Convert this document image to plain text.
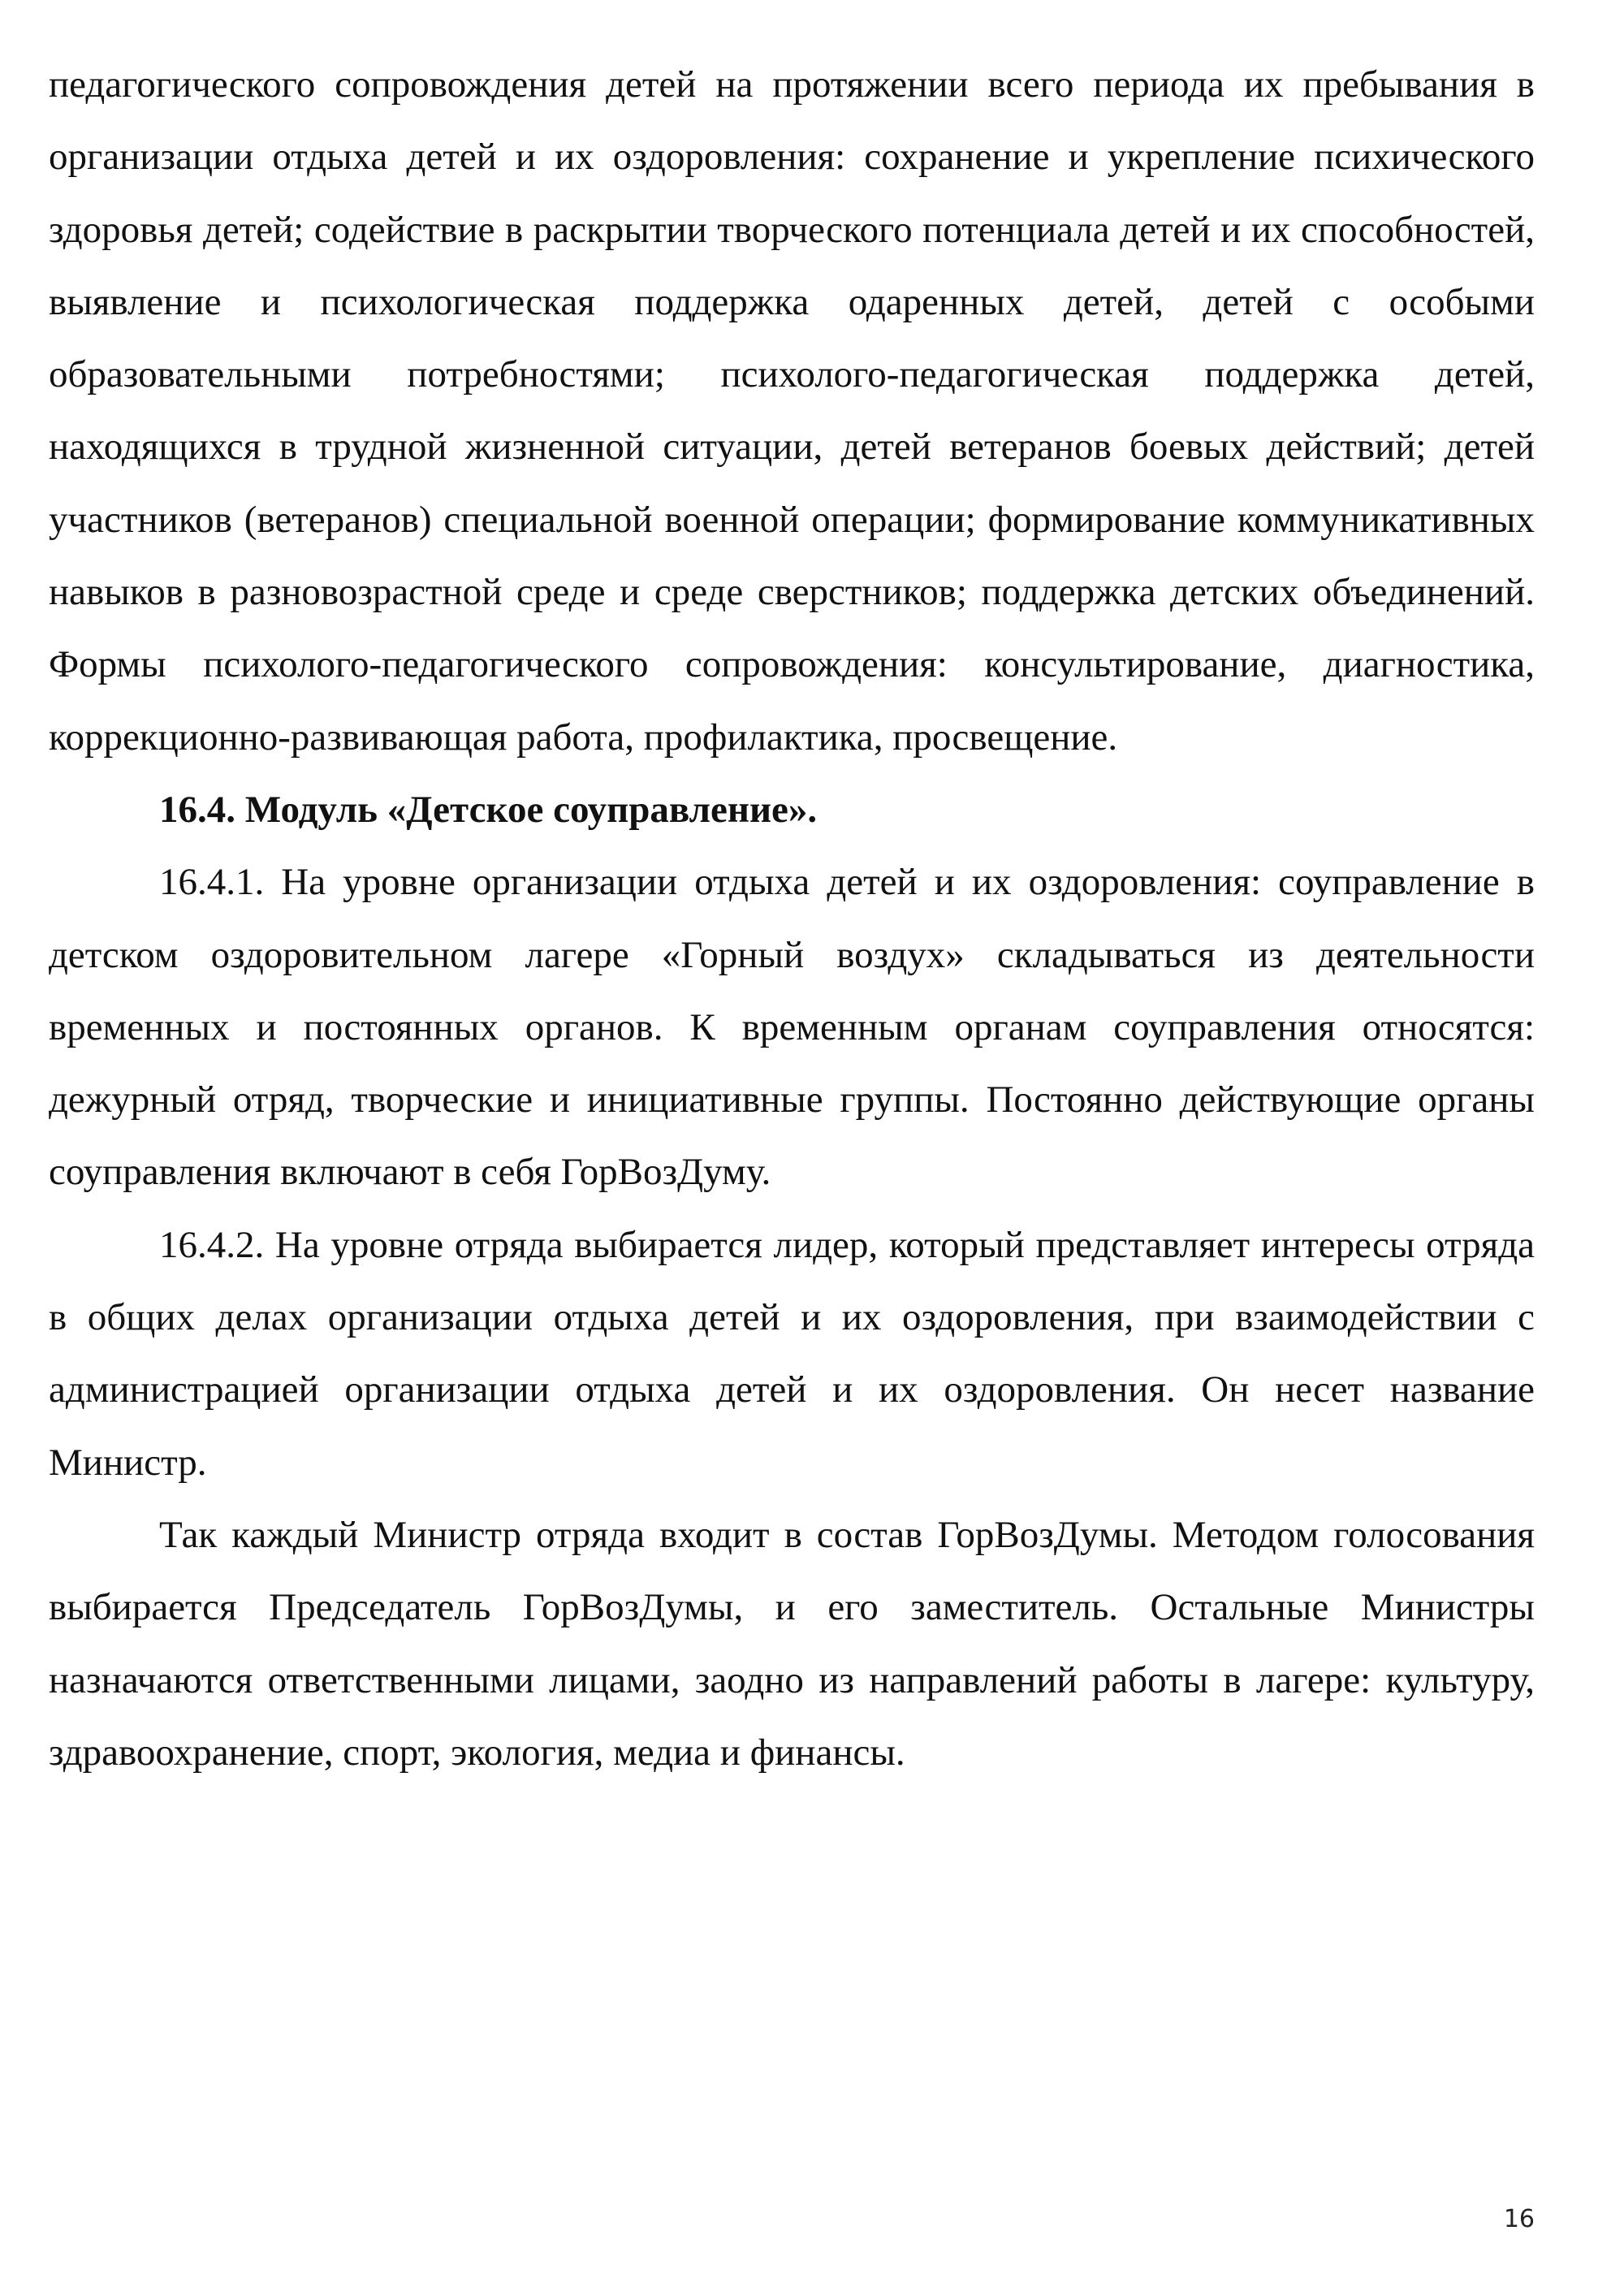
педагогического сопровождения детей на протяжении всего периода их пребывания в организации отдыха детей и их оздоровления: сохранение и укрепление психического здоровья детей; содействие в раскрытии творческого потенциала детей и их способностей, выявление и психологическая поддержка одаренных детей, детей с особыми образовательными потребностями; психолого-педагогическая поддержка детей, находящихся в трудной жизненной ситуации, детей ветеранов боевых действий; детей участников (ветеранов) специальной военной операции; формирование коммуникативных навыков в разновозрастной среде и среде сверстников; поддержка детских объединений. Формы психолого-педагогического сопровождения: консультирование, диагностика, коррекционно-развивающая работа, профилактика, просвещение.

16.4. Модуль «Детское соуправление».

16.4.1. На уровне организации отдыха детей и их оздоровления: соуправление в детском оздоровительном лагере «Горный воздух» складываться из деятельности временных и постоянных органов. К временным органам соуправления относятся: дежурный отряд, творческие и инициативные группы. Постоянно действующие органы соуправления включают в себя ГорВозДуму.

16.4.2. На уровне отряда выбирается лидер, который представляет интересы отряда в общих делах организации отдыха детей и их оздоровления, при взаимодействии с администрацией организации отдыха детей и их оздоровления. Он несет название Министр.

Так каждый Министр отряда входит в состав ГорВозДумы. Методом голосования выбирается Председатель ГорВозДумы, и его заместитель. Остальные Министры назначаются ответственными лицами, заодно из направлений работы в лагере: культуру, здравоохранение, спорт, экология, медиа и финансы.

16
